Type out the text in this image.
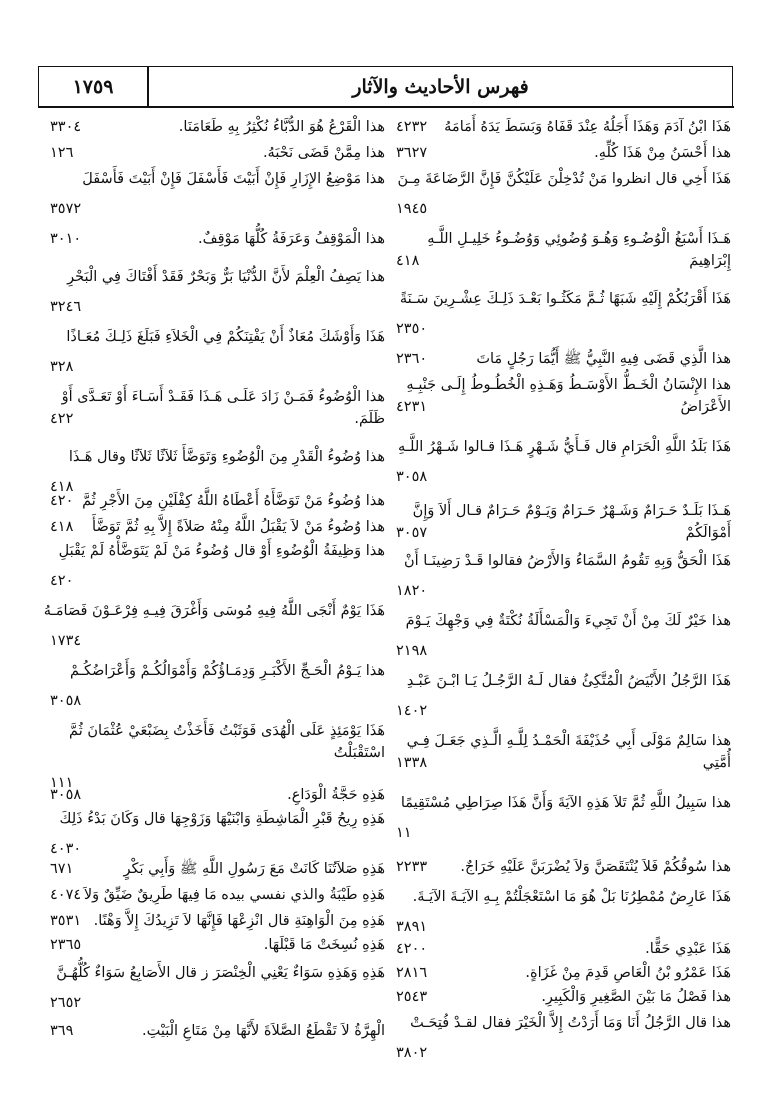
فهرس الأحاديث والآثار
١٧٥٩
هَذَا ابْنُ آدَمَ وَهَذَا أَجَلُهُ عِنْدَ قَفَاهُ وَبَسَطَ يَدَهُ أَمَامَهُ
٤٢٣٢
هذا أَحْسَنُ مِنْ هَذَا كُلِّهِ.
٣٦٢٧
هَذَا أَخِي قال انظروا مَنْ تُدْخِلْنَ عَلَيْكُنَّ فَإِنَّ الرَّضَاعَةَ مِـنَ
١٩٤٥
هَـذَا أَسْبَغُ الْوُضُـوءِ وَهُـوَ وُضُوئِي وَوُضُـوءُ خَلِيـلِ اللَّـهِ
إِبْرَاهِيمَ
٤١٨
هَذَا أَقْرَبُكُمْ إِلَيْهِ شَبَهًا ثُـمَّ مَكَثُـوا بَعْـدَ ذَلِـكَ عِشْـرِينَ سَـنَةً
٢٣٥٠
هذا الَّذِي قَضَى فِيهِ النَّبِيُّ ﷺ أَيُّمَا رَجُلٍ مَاتَ
٢٣٦٠
هذا الإِنْسَانُ الْخَـطُّ الأَوْسَـطُ وَهَـذِهِ الْخُطُـوطُ إِلَـى جَنْبِـهِ
الأَعْرَاضُ
٤٢٣١
هَذَا بَلَدُ اللَّهِ الْحَرَامِ قال فَـأَيُّ شَـهْرٍ هَـذَا قـالوا شَـهْرُ اللَّـهِ
٣٠٥٨
هَـذَا بَلَـدٌ حَـرَامٌ وَشَـهْرٌ حَـرَامٌ وَيَـوْمٌ حَـرَامٌ قـال أَلاَ وَإِنَّ
أَمْوَالَكُمْ
٣٠٥٧
هَذَا الْحَقُّ وَبِهِ تَقُومُ السَّمَاءُ وَالأَرْضُ فقالوا قَـدْ رَضِينَـا أَنْ
١٨٢٠
هذا خَيْرٌ لَكَ مِنْ أَنْ تَجِيءَ وَالْمَسْأَلَةُ نُكْتَةٌ فِي وَجْهِكَ يَـوْمَ
٢١٩٨
هَذَا الرَّجُلُ الأَبْيَضُ الْمُتَّكِئُ فقال لَـهُ الرَّجُـلُ يَـا ابْـنَ عَبْـدِ
١٤٠٢
هذا سَالِمٌ مَوْلَى أَبِي حُذَيْفَةَ الْحَمْـدُ لِلَّـهِ الَّـذِي جَعَـلَ فِـي
أُمَّتِي
١٣٣٨
هذا سَبِيلُ اللَّهِ ثُمَّ تَلاَ هَذِهِ الآيَةَ وَأَنَّ هَذَا صِرَاطِي مُسْتَقِيمًا
١١
هذا سُوقُكُمْ فَلاَ يُنْتَقَصَنَّ وَلاَ يُضْرَبَنَّ عَلَيْهِ خَرَاجٌ.
٢٢٣٣
هَذَا عَارِضٌ مُمْطِرُنَا بَلْ هُوَ مَا اسْتَعْجَلْتُمْ بِـهِ الآيَـةَ الآيَـةَ.
٣٨٩١
هَذَا عَبْدِي حَقًّا.
٤٢٠٠
هَذَا عَمْرُو بْنُ الْعَاصِ قَدِمَ مِنْ غَزَاةٍ.
٢٨١٦
هذا فَصْلُ مَا بَيْنَ الصَّغِيرِ وَالْكَبِيرِ.
٢٥٤٣
هذا قال الرَّجُلُ أَنَا وَمَا أَرَدْتُ إِلاَّ الْخَيْرَ فقال لقـدْ فُتِحَـتْ
٣٨٠٢
هذا الْقَرْعُ هُوَ الدُّبَّاءُ نُكْثِرُ بِهِ طَعَامَنَا.
٣٣٠٤
هذا مِمَّنْ قَضَى نَحْبَهُ.
١٢٦
هذا مَوْضِعُ الإِزَارِ فَإِنْ أَبَيْتَ فَأَسْفَلَ فَإِنْ أَبَيْتَ فَأَسْفَلَ
٣٥٧٢
هذا الْمَوْقِفُ وَعَرَفَةُ كُلُّهَا مَوْقِفٌ.
٣٠١٠
هذا يَصِفُ الْعِلْمَ لأَنَّ الدُّنْيَا بَرٌّ وَبَحْرٌ فَقَدْ أَفْتَاكَ فِي الْبَحْرِ
٣٢٤٦
هَذَا وَأَوْشَكَ مُعَاذٌ أَنْ يَفْتِنَكُمْ فِي الْخَلاَءِ فَبَلَغَ ذَلِـكَ مُعَـاذًا
٣٢٨
هذا الْوُضُوءُ فَمَـنْ زَادَ عَلَـى هَـذَا فَقَـدْ أَسَـاءَ أَوْ تَعَـدَّى أَوْ
ظَلَمَ.
٤٢٢
هذا وُضُوءُ الْقَدْرِ مِنَ الْوُضُوءِ وَتَوَضَّأَ ثَلاَثًا ثَلاَثًا وقال هَـذَا
٤١٨
هذا وُضُوءُ مَنْ تَوَضَّأَهُ أَعْطَاهُ اللَّهُ كِفْلَيْنِ مِنَ الأَجْرِ ثُمَّ
٤٢٠
هذا وُضُوءُ مَنْ لاَ يَقْبَلُ اللَّهُ مِنْهُ صَلاَةً إِلاَّ بِهِ ثُمَّ تَوَضَّأَ
٤١٨
هذا وَظِيفَةُ الْوُضُوءِ أَوْ قال وُضُوءُ مَنْ لَمْ يَتَوَضَّأْهُ لَمْ يَقْبَلِ
٤٢٠
هَذَا يَوْمٌ أَنْجَى اللَّهُ فِيهِ مُوسَى وَأَغْرَقَ فِيـهِ فِرْعَـوْنَ فَصَامَـهُ
١٧٣٤
هذا يَـوْمُ الْحَـجِّ الأَكْبَـرِ وَدِمَـاؤُكُمْ وَأَمْوَالُكُـمْ وَأَعْرَاضُكُـمْ
٣٠٥٨
هَذَا يَوْمَئِذٍ عَلَى الْهُدَى فَوَثَبْتُ فَأَخَذْتُ بِضَبْعَيْ عُثْمَانَ ثُمَّ
اسْتَقْبَلْتُ
١١١
هَذِهِ حَجَّةُ الْوَدَاعِ.
٣٠٥٨
هَذِهِ رِيحُ قَبْرِ الْمَاشِطَةِ وَابْنَيْهَا وَزَوْجِهَا قال وَكَانَ بَدْءُ ذَلِكَ
٤٠٣٠
هَذِهِ صَلاَتُنَا كَانَتْ مَعَ رَسُولِ اللَّهِ ﷺ وَأَبِي بَكْرٍ
٦٧١
هَذِهِ طَيْبَةُ والذي نفسي بيده مَا فِيهَا طَرِيقٌ ضَيِّقٌ وَلاَ
٤٠٧٤
هَذِهِ مِنَ الْوَاهِنَةِ قال انْزِعْهَا فَإِنَّهَا لاَ تَزِيدُكَ إِلاَّ وَهْنًا.
٣٥٣١
هَذِهِ نُسِخَتْ مَا قَبْلَهَا.
٢٣٦٥
هَذِهِ وَهَذِهِ سَوَاءٌ يَعْنِي الْخِنْصَرَ ز قال الأَصَابِعُ سَوَاءٌ كُلُّهُـنَّ
٢٦٥٢
الْهِرَّةُ لاَ تَقْطَعُ الصَّلاَةَ لأَنَّهَا مِنْ مَتَاعِ الْبَيْتِ.
٣٦٩
